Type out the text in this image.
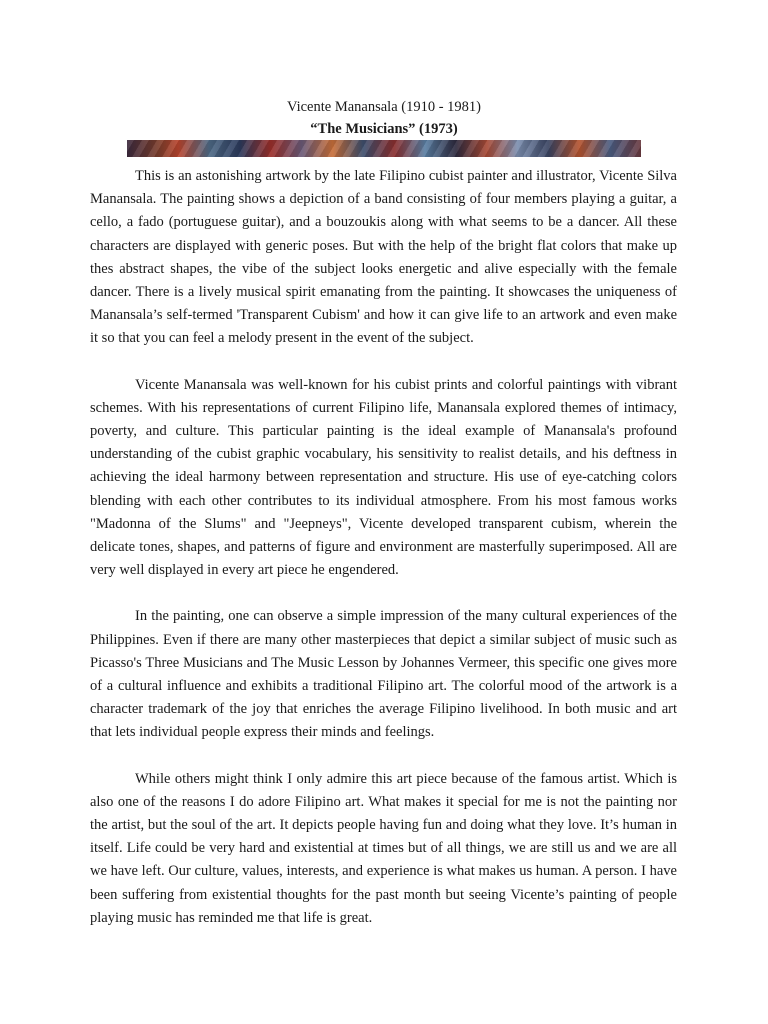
Vicente Manansala (1910 - 1981)
“The Musicians” (1973)

This is an astonishing artwork by the late Filipino cubist painter and illustrator, Vicente Silva Manansala. The painting shows a depiction of a band consisting of four members playing a guitar, a cello, a fado (portuguese guitar), and a bouzoukis along with what seems to be a dancer. All these characters are displayed with generic poses. But with the help of the bright flat colors that make up thes abstract shapes, the vibe of the subject looks energetic and alive especially with the female dancer. There is a lively musical spirit emanating from the painting. It showcases the uniqueness of Manansala’s self-termed 'Transparent Cubism' and how it can give life to an artwork and even make it so that you can feel a melody present in the event of the subject.

Vicente Manansala was well-known for his cubist prints and colorful paintings with vibrant schemes. With his representations of current Filipino life, Manansala explored themes of intimacy, poverty, and culture. This particular painting is the ideal example of Manansala's profound understanding of the cubist graphic vocabulary, his sensitivity to realist details, and his deftness in achieving the ideal harmony between representation and structure. His use of eye-catching colors blending with each other contributes to its individual atmosphere. From his most famous works "Madonna of the Slums" and "Jeepneys", Vicente developed transparent cubism, wherein the delicate tones, shapes, and patterns of figure and environment are masterfully superimposed. All are very well displayed in every art piece he engendered.

In the painting, one can observe a simple impression of the many cultural experiences of the Philippines. Even if there are many other masterpieces that depict a similar subject of music such as Picasso's Three Musicians and The Music Lesson by Johannes Vermeer, this specific one gives more of a cultural influence and exhibits a traditional Filipino art. The colorful mood of the artwork is a character trademark of the joy that enriches the average Filipino livelihood. In both music and art that lets individual people express their minds and feelings.

While others might think I only admire this art piece because of the famous artist. Which is also one of the reasons I do adore Filipino art. What makes it special for me is not the painting nor the artist, but the soul of the art. It depicts people having fun and doing what they love. It’s human in itself. Life could be very hard and existential at times but of all things, we are still us and we are all we have left. Our culture, values, interests, and experience is what makes us human. A person. I have been suffering from existential thoughts for the past month but seeing Vicente’s painting of people playing music has reminded me that life is great.
